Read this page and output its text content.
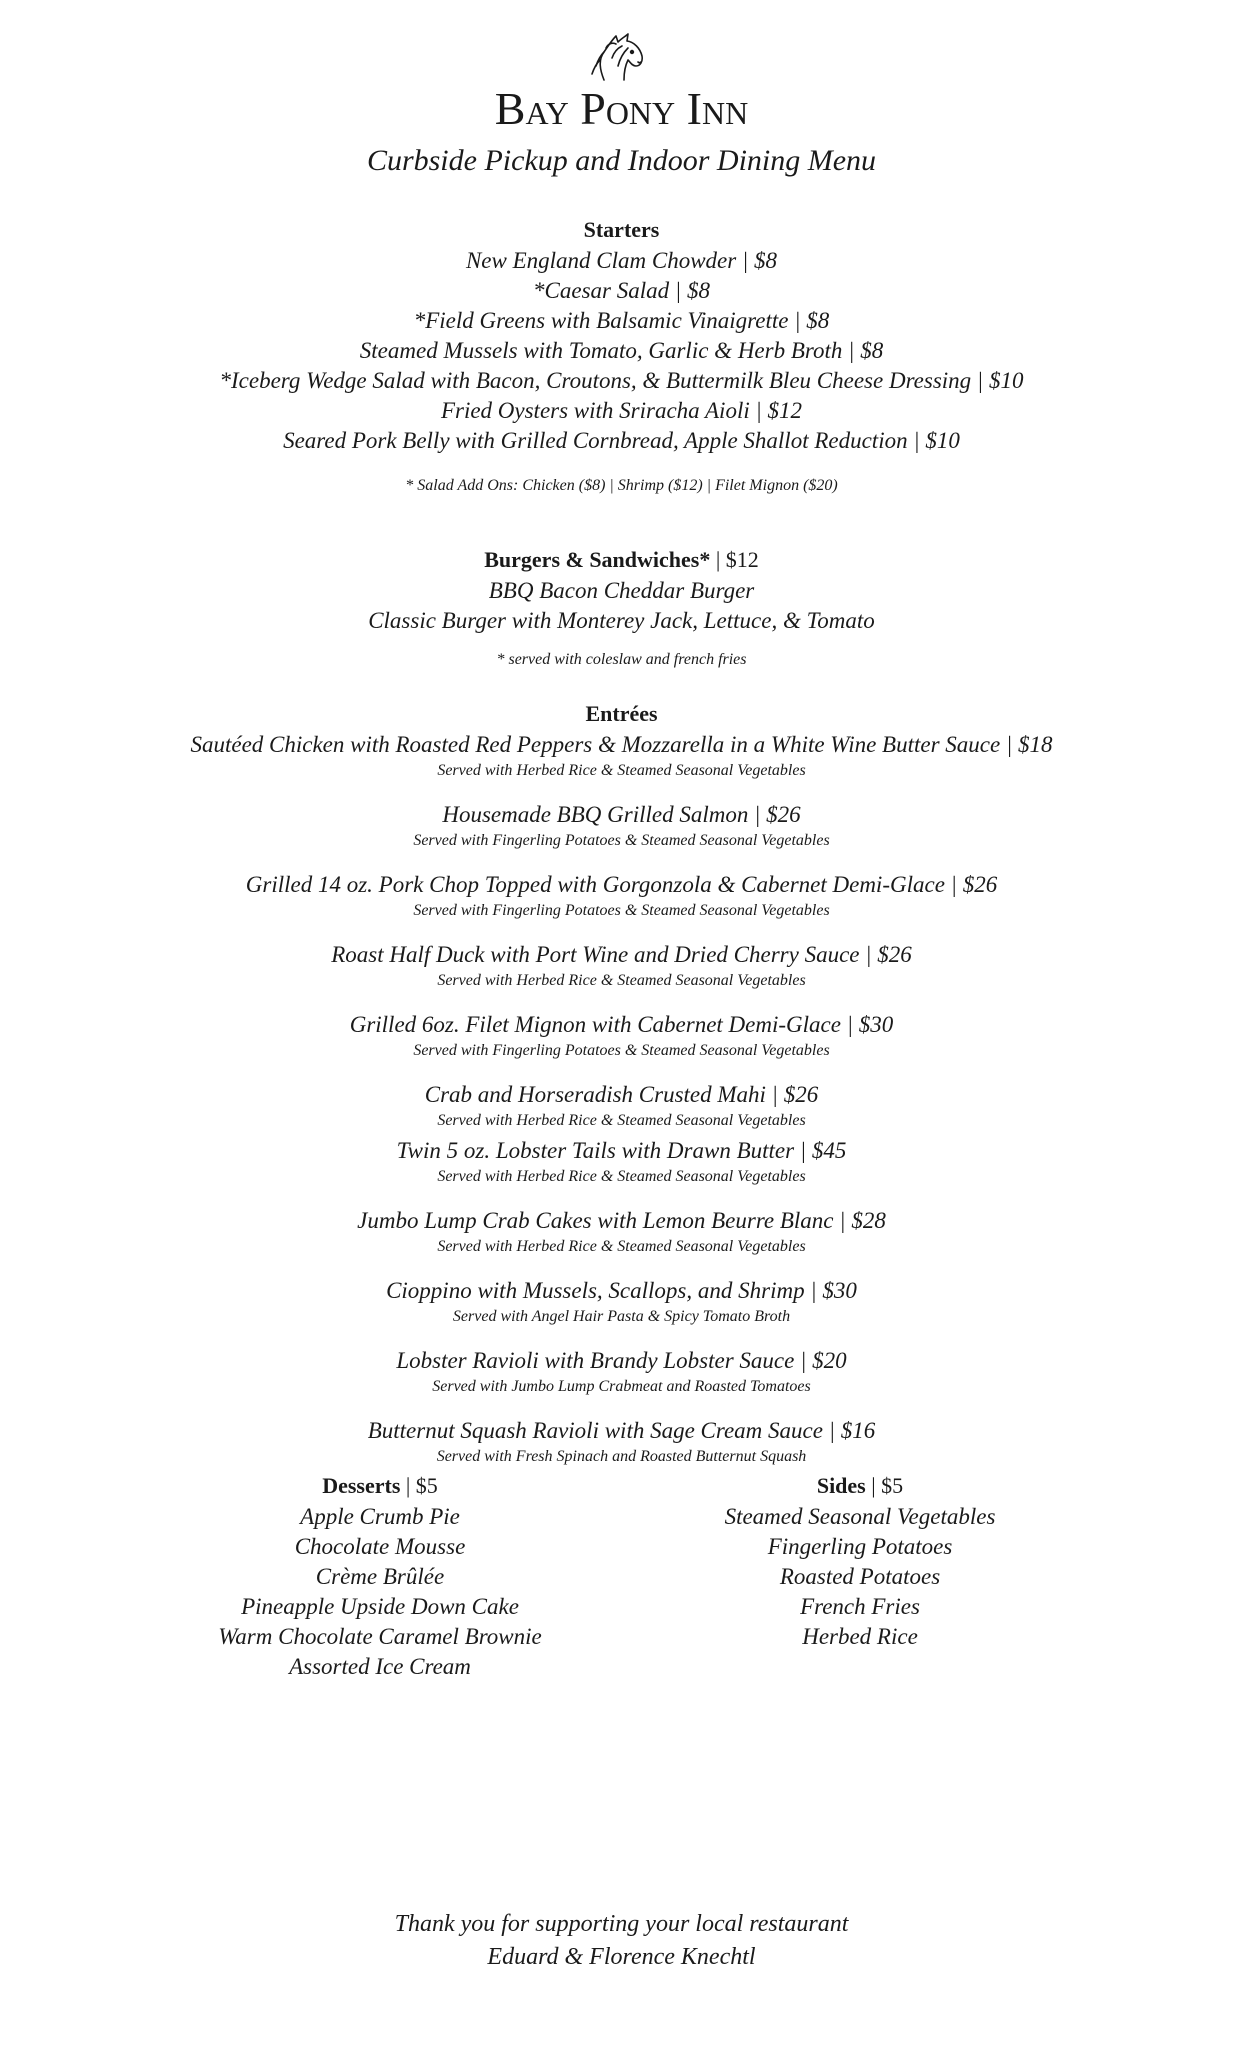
Bay Pony Inn
Curbside Pickup and Indoor Dining Menu
Starters
New England Clam Chowder | $8
*Caesar Salad | $8
*Field Greens with Balsamic Vinaigrette | $8
Steamed Mussels with Tomato, Garlic & Herb Broth | $8
*Iceberg Wedge Salad with Bacon, Croutons, & Buttermilk Bleu Cheese Dressing | $10
Fried Oysters with Sriracha Aioli | $12
Seared Pork Belly with Grilled Cornbread, Apple Shallot Reduction | $10
* Salad Add Ons: Chicken ($8) | Shrimp ($12) | Filet Mignon ($20)
Burgers & Sandwiches* | $12
BBQ Bacon Cheddar Burger
Classic Burger with Monterey Jack, Lettuce, & Tomato
* served with coleslaw and french fries
Entrées
Sautéed Chicken with Roasted Red Peppers & Mozzarella in a White Wine Butter Sauce | $18
Served with Herbed Rice & Steamed Seasonal Vegetables
Housemade BBQ Grilled Salmon | $26
Served with Fingerling Potatoes & Steamed Seasonal Vegetables
Grilled 14 oz. Pork Chop Topped with Gorgonzola & Cabernet Demi-Glace | $26
Served with Fingerling Potatoes & Steamed Seasonal Vegetables
Roast Half Duck with Port Wine and Dried Cherry Sauce | $26
Served with Herbed Rice & Steamed Seasonal Vegetables
Grilled 6oz. Filet Mignon with Cabernet Demi-Glace | $30
Served with Fingerling Potatoes & Steamed Seasonal Vegetables
Crab and Horseradish Crusted Mahi | $26
Served with Herbed Rice & Steamed Seasonal Vegetables
Twin 5 oz. Lobster Tails with Drawn Butter | $45
Served with Herbed Rice & Steamed Seasonal Vegetables
Jumbo Lump Crab Cakes with Lemon Beurre Blanc | $28
Served with Herbed Rice & Steamed Seasonal Vegetables
Cioppino with Mussels, Scallops, and Shrimp | $30
Served with Angel Hair Pasta & Spicy Tomato Broth
Lobster Ravioli with Brandy Lobster Sauce | $20
Served with Jumbo Lump Crabmeat and Roasted Tomatoes
Butternut Squash Ravioli with Sage Cream Sauce | $16
Served with Fresh Spinach and Roasted Butternut Squash
Desserts | $5
Apple Crumb Pie
Chocolate Mousse
Crème Brûlée
Pineapple Upside Down Cake
Warm Chocolate Caramel Brownie
Assorted Ice Cream
Sides | $5
Steamed Seasonal Vegetables
Fingerling Potatoes
Roasted Potatoes
French Fries
Herbed Rice
Thank you for supporting your local restaurant
Eduard & Florence Knechtl
